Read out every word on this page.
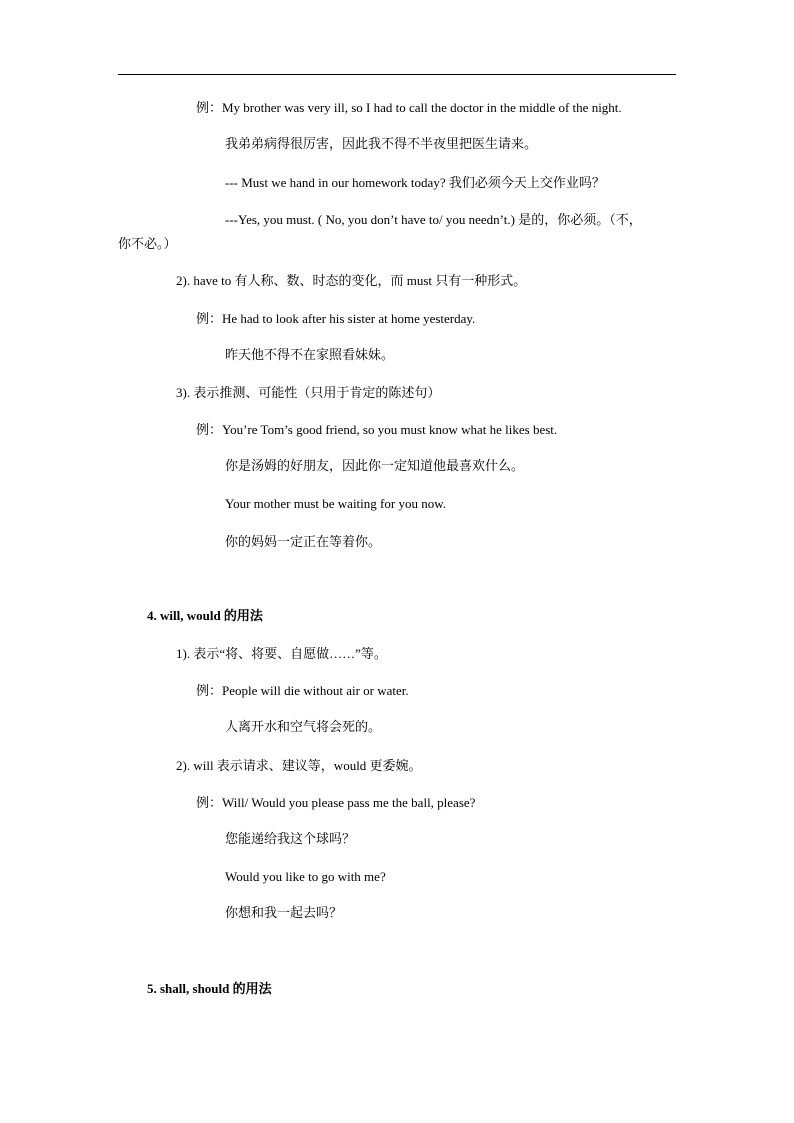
例：My brother was very ill, so I had to call the doctor in the middle of the night.
我弟弟病得很厉害，因此我不得不半夜里把医生请来。
--- Must we hand in our homework today? 我们必须今天上交作业吗？
---Yes, you must. ( No, you don’t have to/ you needn’t.) 是的，你必须。（不，
你不必。）
2). have to 有人称、数、时态的变化，而 must 只有一种形式。
例：He had to look after his sister at home yesterday.
昨天他不得不在家照看妹妹。
3). 表示推测、可能性（只用于肯定的陈述句）
例：You’re Tom’s good friend, so you must know what he likes best.
你是汤姆的好朋友，因此你一定知道他最喜欢什么。
Your mother must be waiting for you now.
你的妈妈一定正在等着你。
4. will, would 的用法
1). 表示“将、将要、自愿做……”等。
例：People will die without air or water.
人离开水和空气将会死的。
2). will 表示请求、建议等，would 更委婉。
例：Will/ Would you please pass me the ball, please?
您能递给我这个球吗？
Would you like to go with me?
你想和我一起去吗？
5. shall, should 的用法
